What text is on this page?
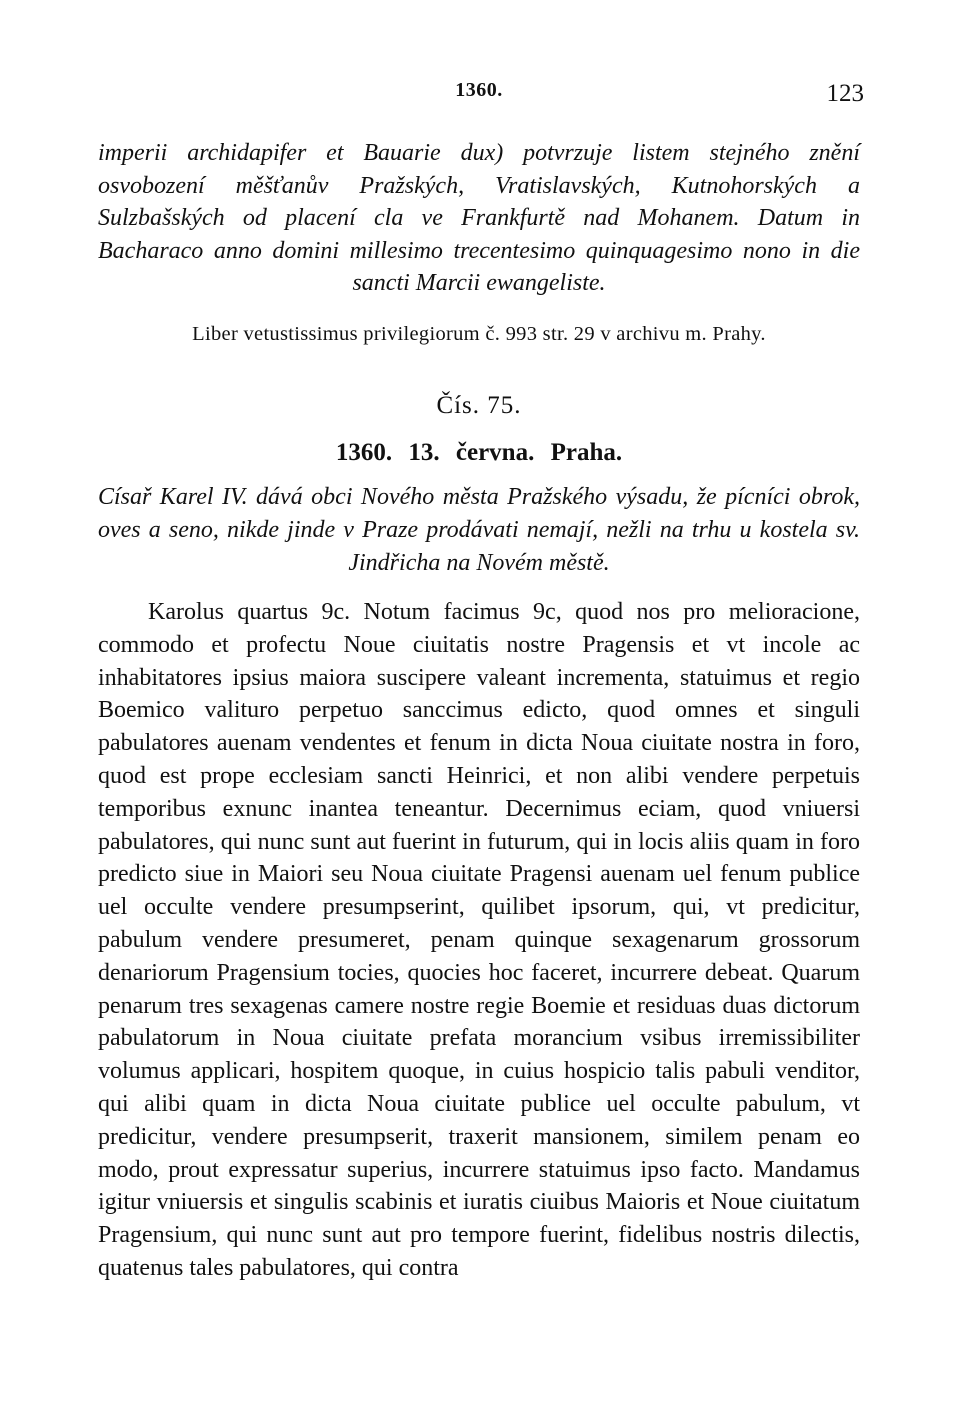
1360.	123

imperii archidapifer et Bauarie dux) potvrzuje listem stejného znění osvobození měšťanův Pražských, Vratislavských, Kutnohorských a Sulzbašských od placení cla ve Frankfurtě nad Mohanem. Datum in Bacharaco anno domini millesimo trecentesimo quinquagesimo nono in die sancti Marcii ewangeliste.

Liber vetustissimus privilegiorum č. 993 str. 29 v archivu m. Prahy.

Čís. 75.

1360. 13. června. Praha.

Císař Karel IV. dává obci Nového města Pražského výsadu, že pícníci obrok, oves a seno, nikde jinde v Praze prodávati nemají, nežli na trhu u kostela sv. Jindřicha na Novém městě.

Karolus quartus 9c. Notum facimus 9c, quod nos pro melioracione, commodo et profectu Noue ciuitatis nostre Pragensis et vt incole ac inhabitatores ipsius maiora suscipere valeant incrementa, statuimus et regio Boemico valituro perpetuo sanccimus edicto, quod omnes et singuli pabulatores auenam vendentes et fenum in dicta Noua ciuitate nostra in foro, quod est prope ecclesiam sancti Heinrici, et non alibi vendere perpetuis temporibus exnunc inantea teneantur. Decernimus eciam, quod vniuersi pabulatores, qui nunc sunt aut fuerint in futurum, qui in locis aliis quam in foro predicto siue in Maiori seu Noua ciuitate Pragensi auenam uel fenum publice uel occulte vendere presumpserint, quilibet ipsorum, qui, vt predicitur, pabulum vendere presumeret, penam quinque sexagenarum grossorum denariorum Pragensium tocies, quocies hoc faceret, incurrere debeat. Quarum penarum tres sexagenas camere nostre regie Boemie et residuas duas dictorum pabulatorum in Noua ciuitate prefata morancium vsibus irremissibiliter volumus applicari, hospitem quoque, in cuius hospicio talis pabuli venditor, qui alibi quam in dicta Noua ciuitate publice uel occulte pabulum, vt predicitur, vendere presumpserit, traxerit mansionem, similem penam eo modo, prout expressatur superius, incurrere statuimus ipso facto. Mandamus igitur vniuersis et singulis scabinis et iuratis ciuibus Maioris et Noue ciuitatum Pragensium, qui nunc sunt aut pro tempore fuerint, fidelibus nostris dilectis, quatenus tales pabulatores, qui contra
